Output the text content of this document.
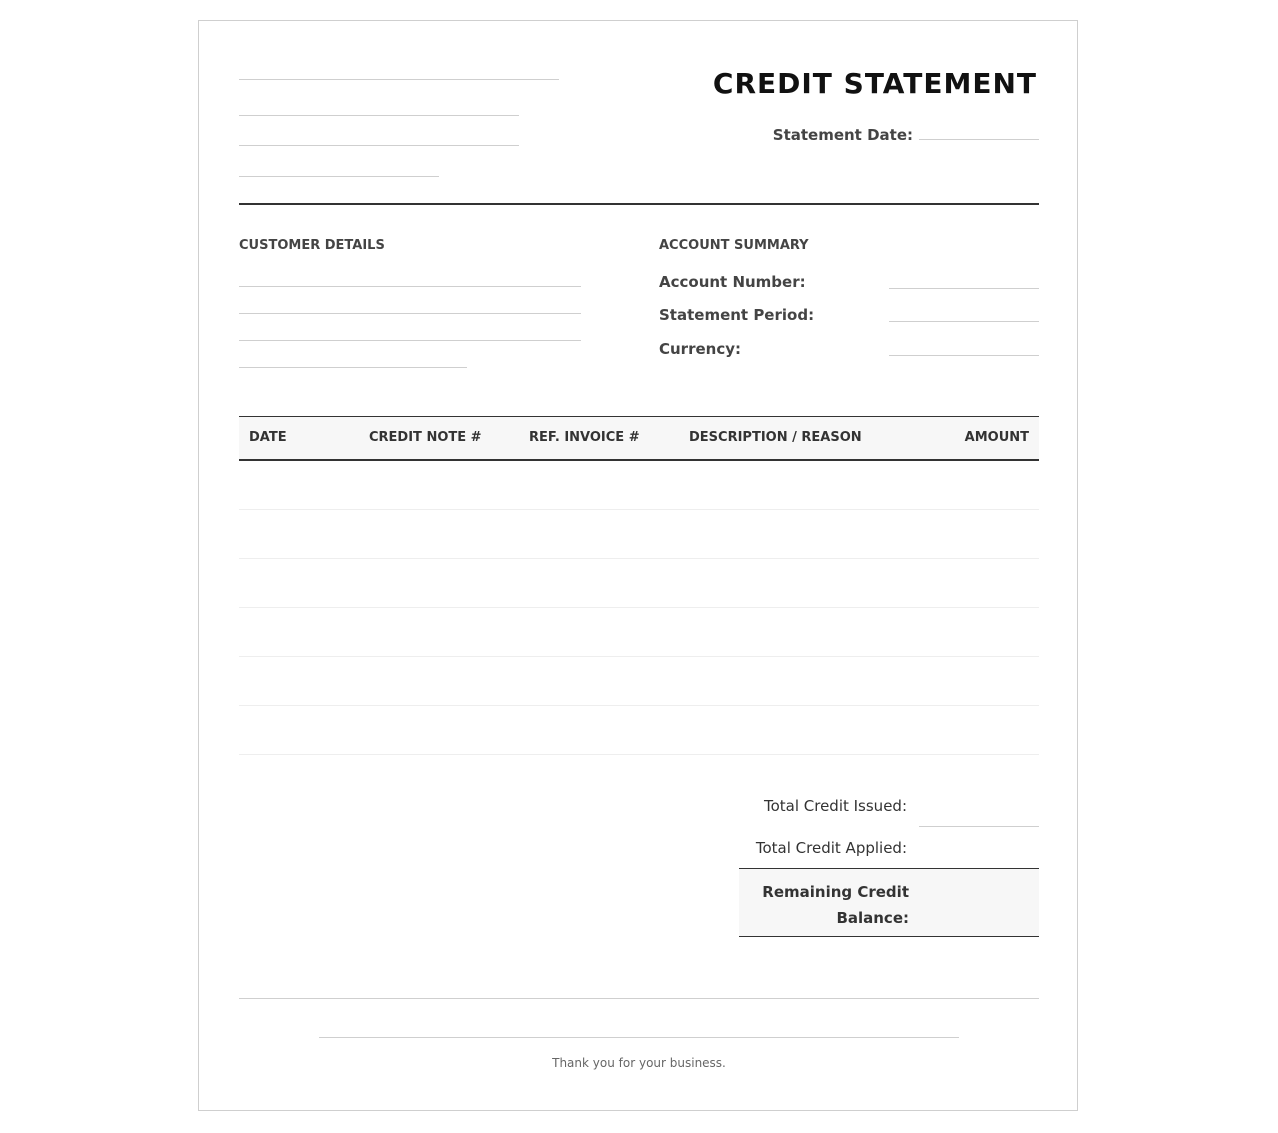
CREDIT STATEMENT
Statement Date:
CUSTOMER DETAILS	ACCOUNT SUMMARY
Account Number:
Statement Period:
Currency:
DATE	CREDIT NOTE #	REF. INVOICE #	DESCRIPTION / REASON	AMOUNT
Total Credit Issued:
Total Credit Applied:
Remaining Credit Balance:
Thank you for your business.
